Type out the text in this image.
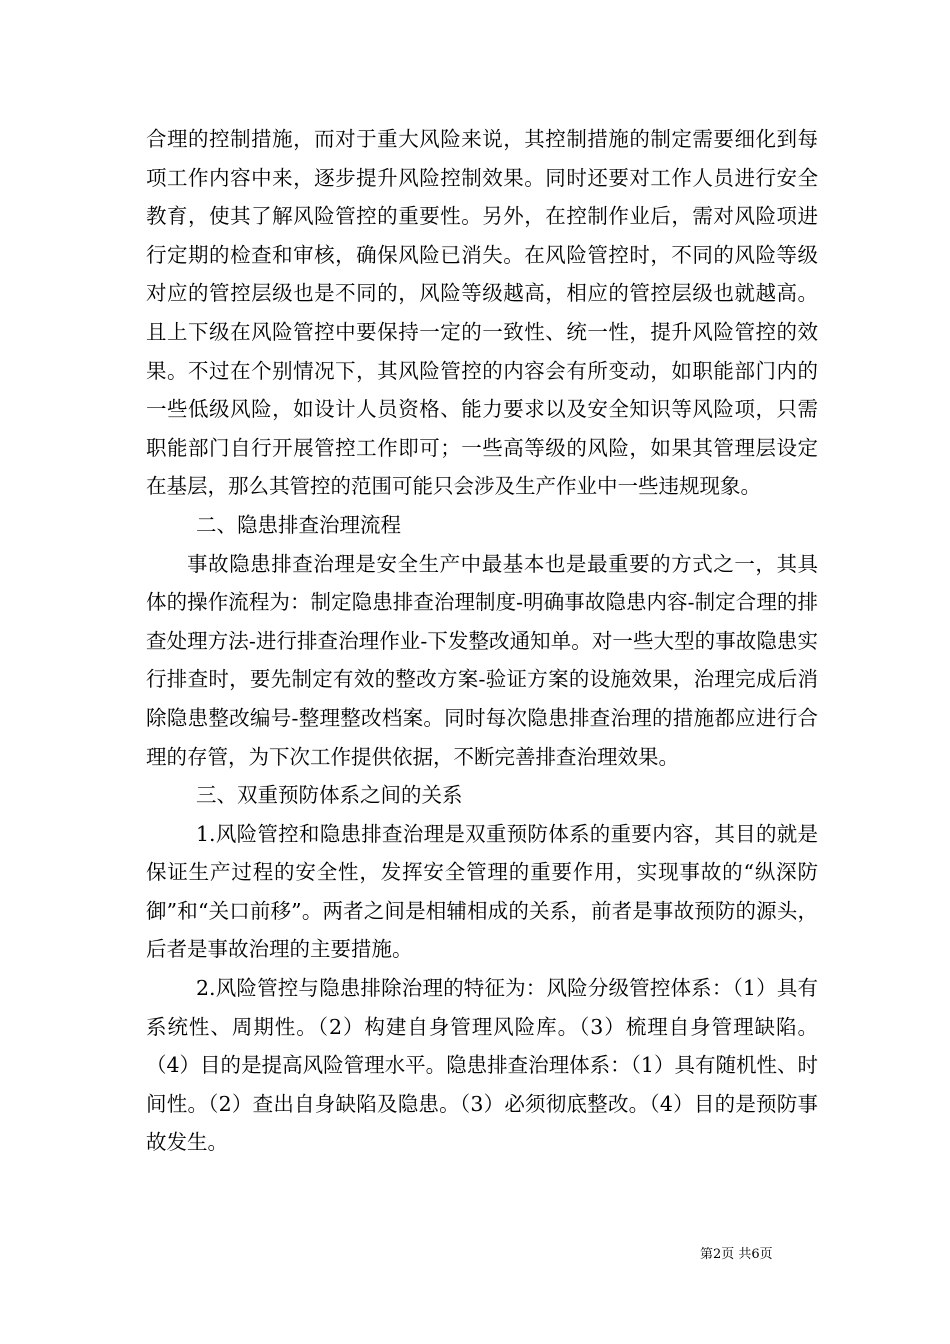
合理的控制措施，而对于重大风险来说，其控制措施的制定需要细化到每项工作内容中来，逐步提升风险控制效果。同时还要对工作人员进行安全教育，使其了解风险管控的重要性。另外，在控制作业后，需对风险项进行定期的检查和审核，确保风险已消失。在风险管控时，不同的风险等级对应的管控层级也是不同的，风险等级越高，相应的管控层级也就越高。且上下级在风险管控中要保持一定的一致性、统一性，提升风险管控的效果。不过在个别情况下，其风险管控的内容会有所变动，如职能部门内的一些低级风险，如设计人员资格、能力要求以及安全知识等风险项，只需职能部门自行开展管控工作即可；一些高等级的风险，如果其管理层设定在基层，那么其管控的范围可能只会涉及生产作业中一些违规现象。

二、隐患排查治理流程

事故隐患排查治理是安全生产中最基本也是最重要的方式之一，其具体的操作流程为：制定隐患排查治理制度-明确事故隐患内容-制定合理的排查处理方法-进行排查治理作业-下发整改通知单。对一些大型的事故隐患实行排查时，要先制定有效的整改方案-验证方案的设施效果，治理完成后消除隐患整改编号-整理整改档案。同时每次隐患排查治理的措施都应进行合理的存管，为下次工作提供依据，不断完善排查治理效果。

三、双重预防体系之间的关系

1.风险管控和隐患排查治理是双重预防体系的重要内容，其目的就是保证生产过程的安全性，发挥安全管理的重要作用，实现事故的“纵深防御”和“关口前移”。两者之间是相辅相成的关系，前者是事故预防的源头，后者是事故治理的主要措施。

2.风险管控与隐患排除治理的特征为：风险分级管控体系：（1）具有系统性、周期性。（2）构建自身管理风险库。（3）梳理自身管理缺陷。（4）目的是提高风险管理水平。隐患排查治理体系：（1）具有随机性、时间性。（2）查出自身缺陷及隐患。（3）必须彻底整改。（4）目的是预防事故发生。

第2页 共6页
